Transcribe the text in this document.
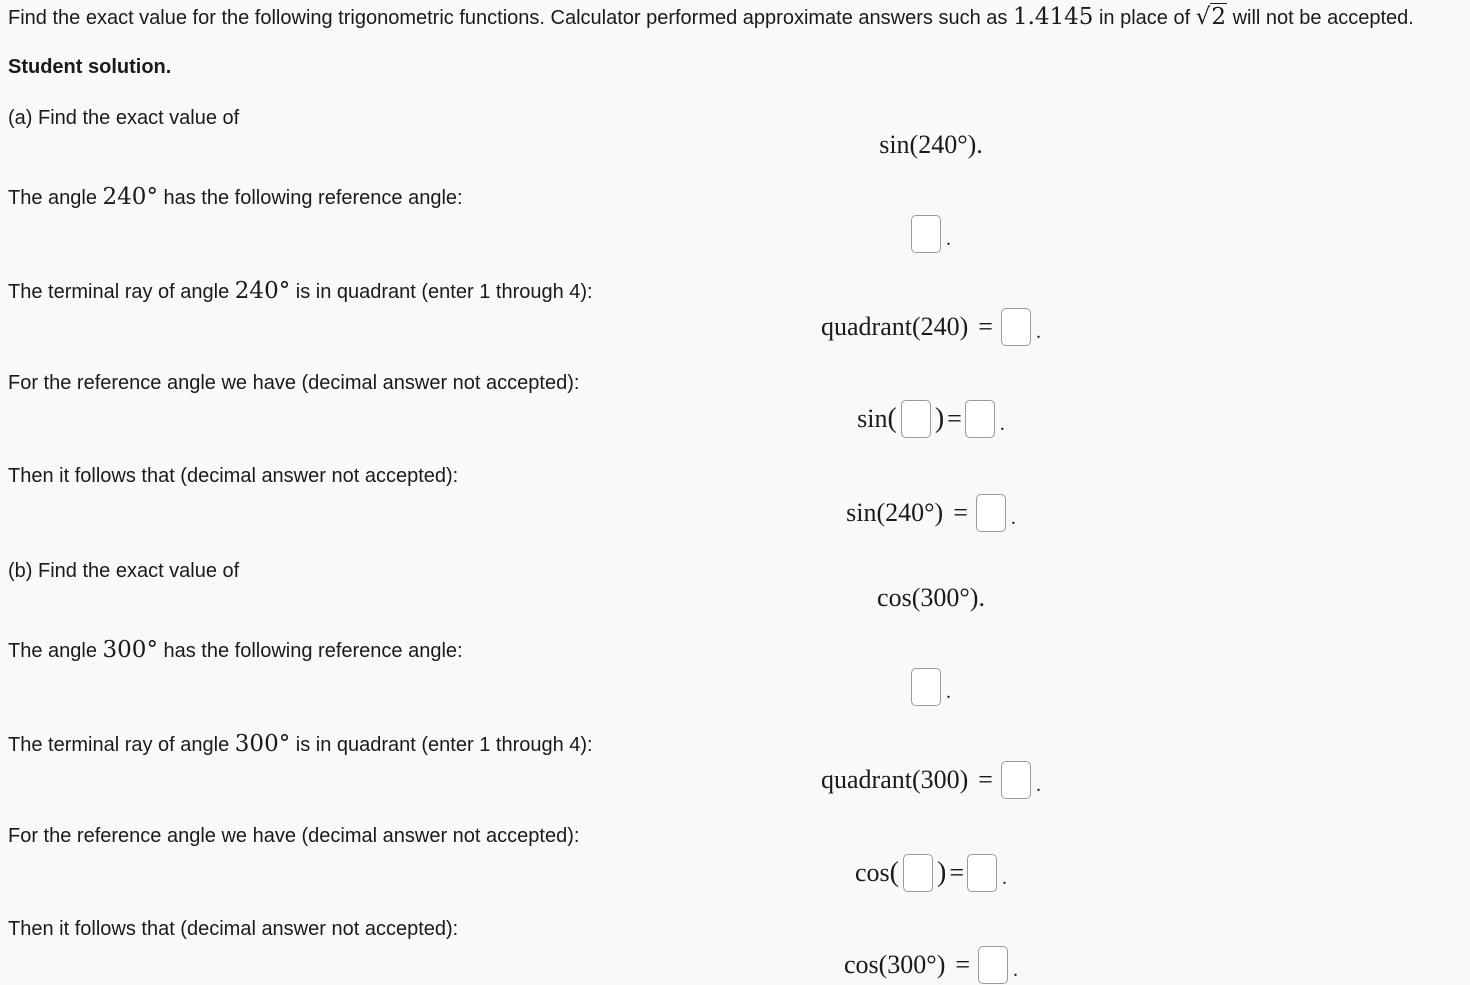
Find the exact value for the following trigonometric functions. Calculator performed approximate answers such as 1.4145 in place of √2 will not be accepted.
Student solution.
(a) Find the exact value of
sin ( 240 ° ) .
The angle 240° has the following reference angle:
.
The terminal ray of angle 240° is in quadrant (enter 1 through 4):
quadrant(240) = .
For the reference angle we have (decimal answer not accepted):
sin ( ) = .
Then it follows that (decimal answer not accepted):
sin ( 240 ° ) = .
(b) Find the exact value of
cos ( 300 ° ) .
The angle 300° has the following reference angle:
.
The terminal ray of angle 300° is in quadrant (enter 1 through 4):
quadrant(300) = .
For the reference angle we have (decimal answer not accepted):
cos ( ) = .
Then it follows that (decimal answer not accepted):
cos ( 300 ° ) = .
